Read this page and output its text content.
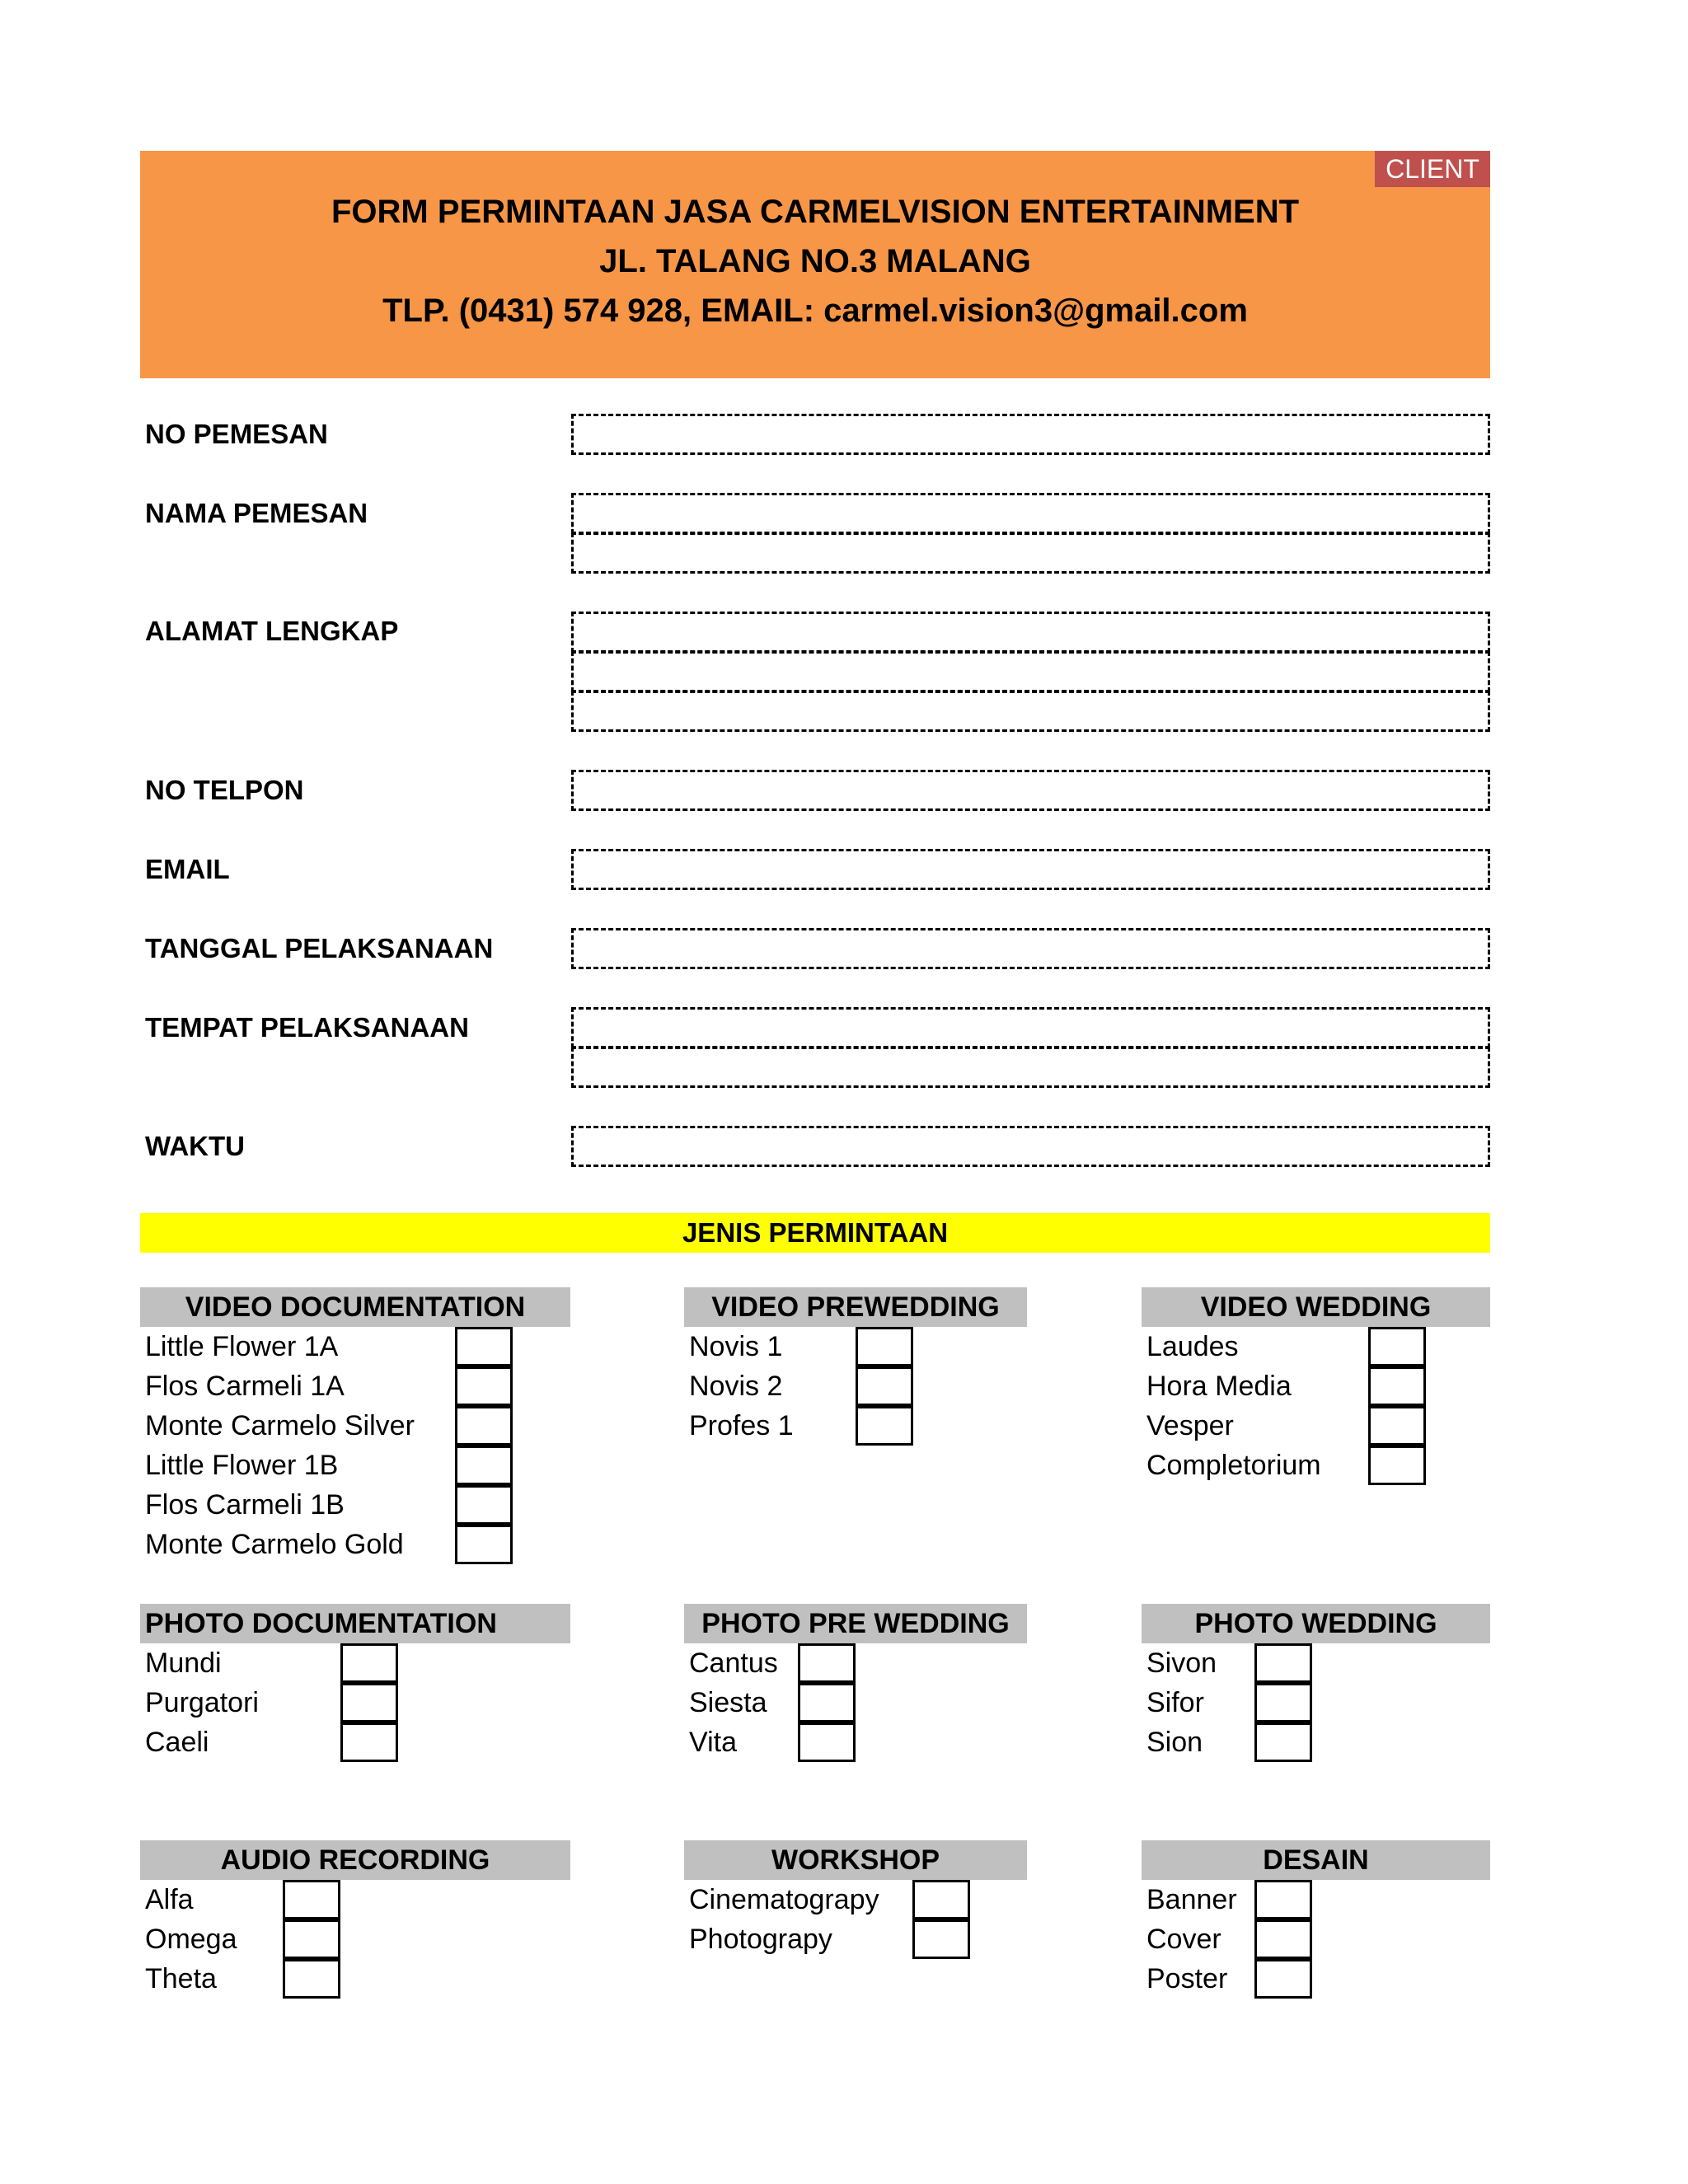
CLIENT
FORM PERMINTAAN JASA CARMELVISION ENTERTAINMENT
JL. TALANG NO.3 MALANG
TLP. (0431) 574 928, EMAIL: carmel.vision3@gmail.com
NO PEMESAN
NAMA PEMESAN
ALAMAT LENGKAP
NO TELPON
EMAIL
TANGGAL PELAKSANAAN
TEMPAT PELAKSANAAN
WAKTU
JENIS PERMINTAAN
VIDEO DOCUMENTATION
Little Flower 1A
Flos Carmeli 1A
Monte Carmelo Silver
Little Flower 1B
Flos Carmeli 1B
Monte Carmelo Gold
VIDEO PREWEDDING
Novis 1
Novis 2
Profes 1
VIDEO WEDDING
Laudes
Hora Media
Vesper
Completorium
PHOTO DOCUMENTATION
Mundi
Purgatori
Caeli
PHOTO PRE WEDDING
Cantus
Siesta
Vita
PHOTO WEDDING
Sivon
Sifor
Sion
AUDIO RECORDING
Alfa
Omega
Theta
WORKSHOP
Cinematograpy
Photograpy
DESAIN
Banner
Cover
Poster
